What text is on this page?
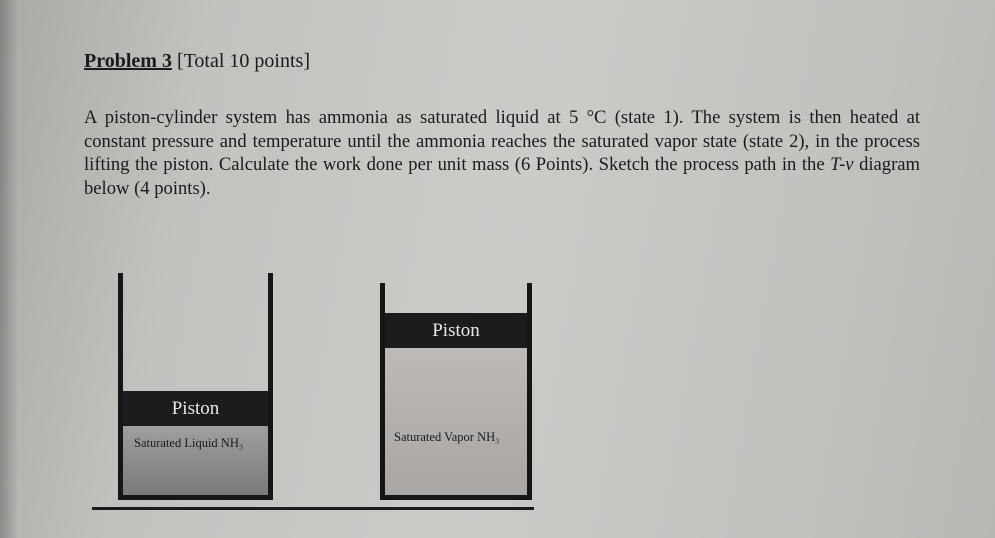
Problem 3 [Total 10 points]
A piston-cylinder system has ammonia as saturated liquid at 5 °C (state 1). The system is then heated at constant pressure and temperature until the ammonia reaches the saturated vapor state (state 2), in the process lifting the piston. Calculate the work done per unit mass (6 Points). Sketch the process path in the T-v diagram below (4 points).
Piston
Saturated Liquid NH₃
Piston
Saturated Vapor NH₃
